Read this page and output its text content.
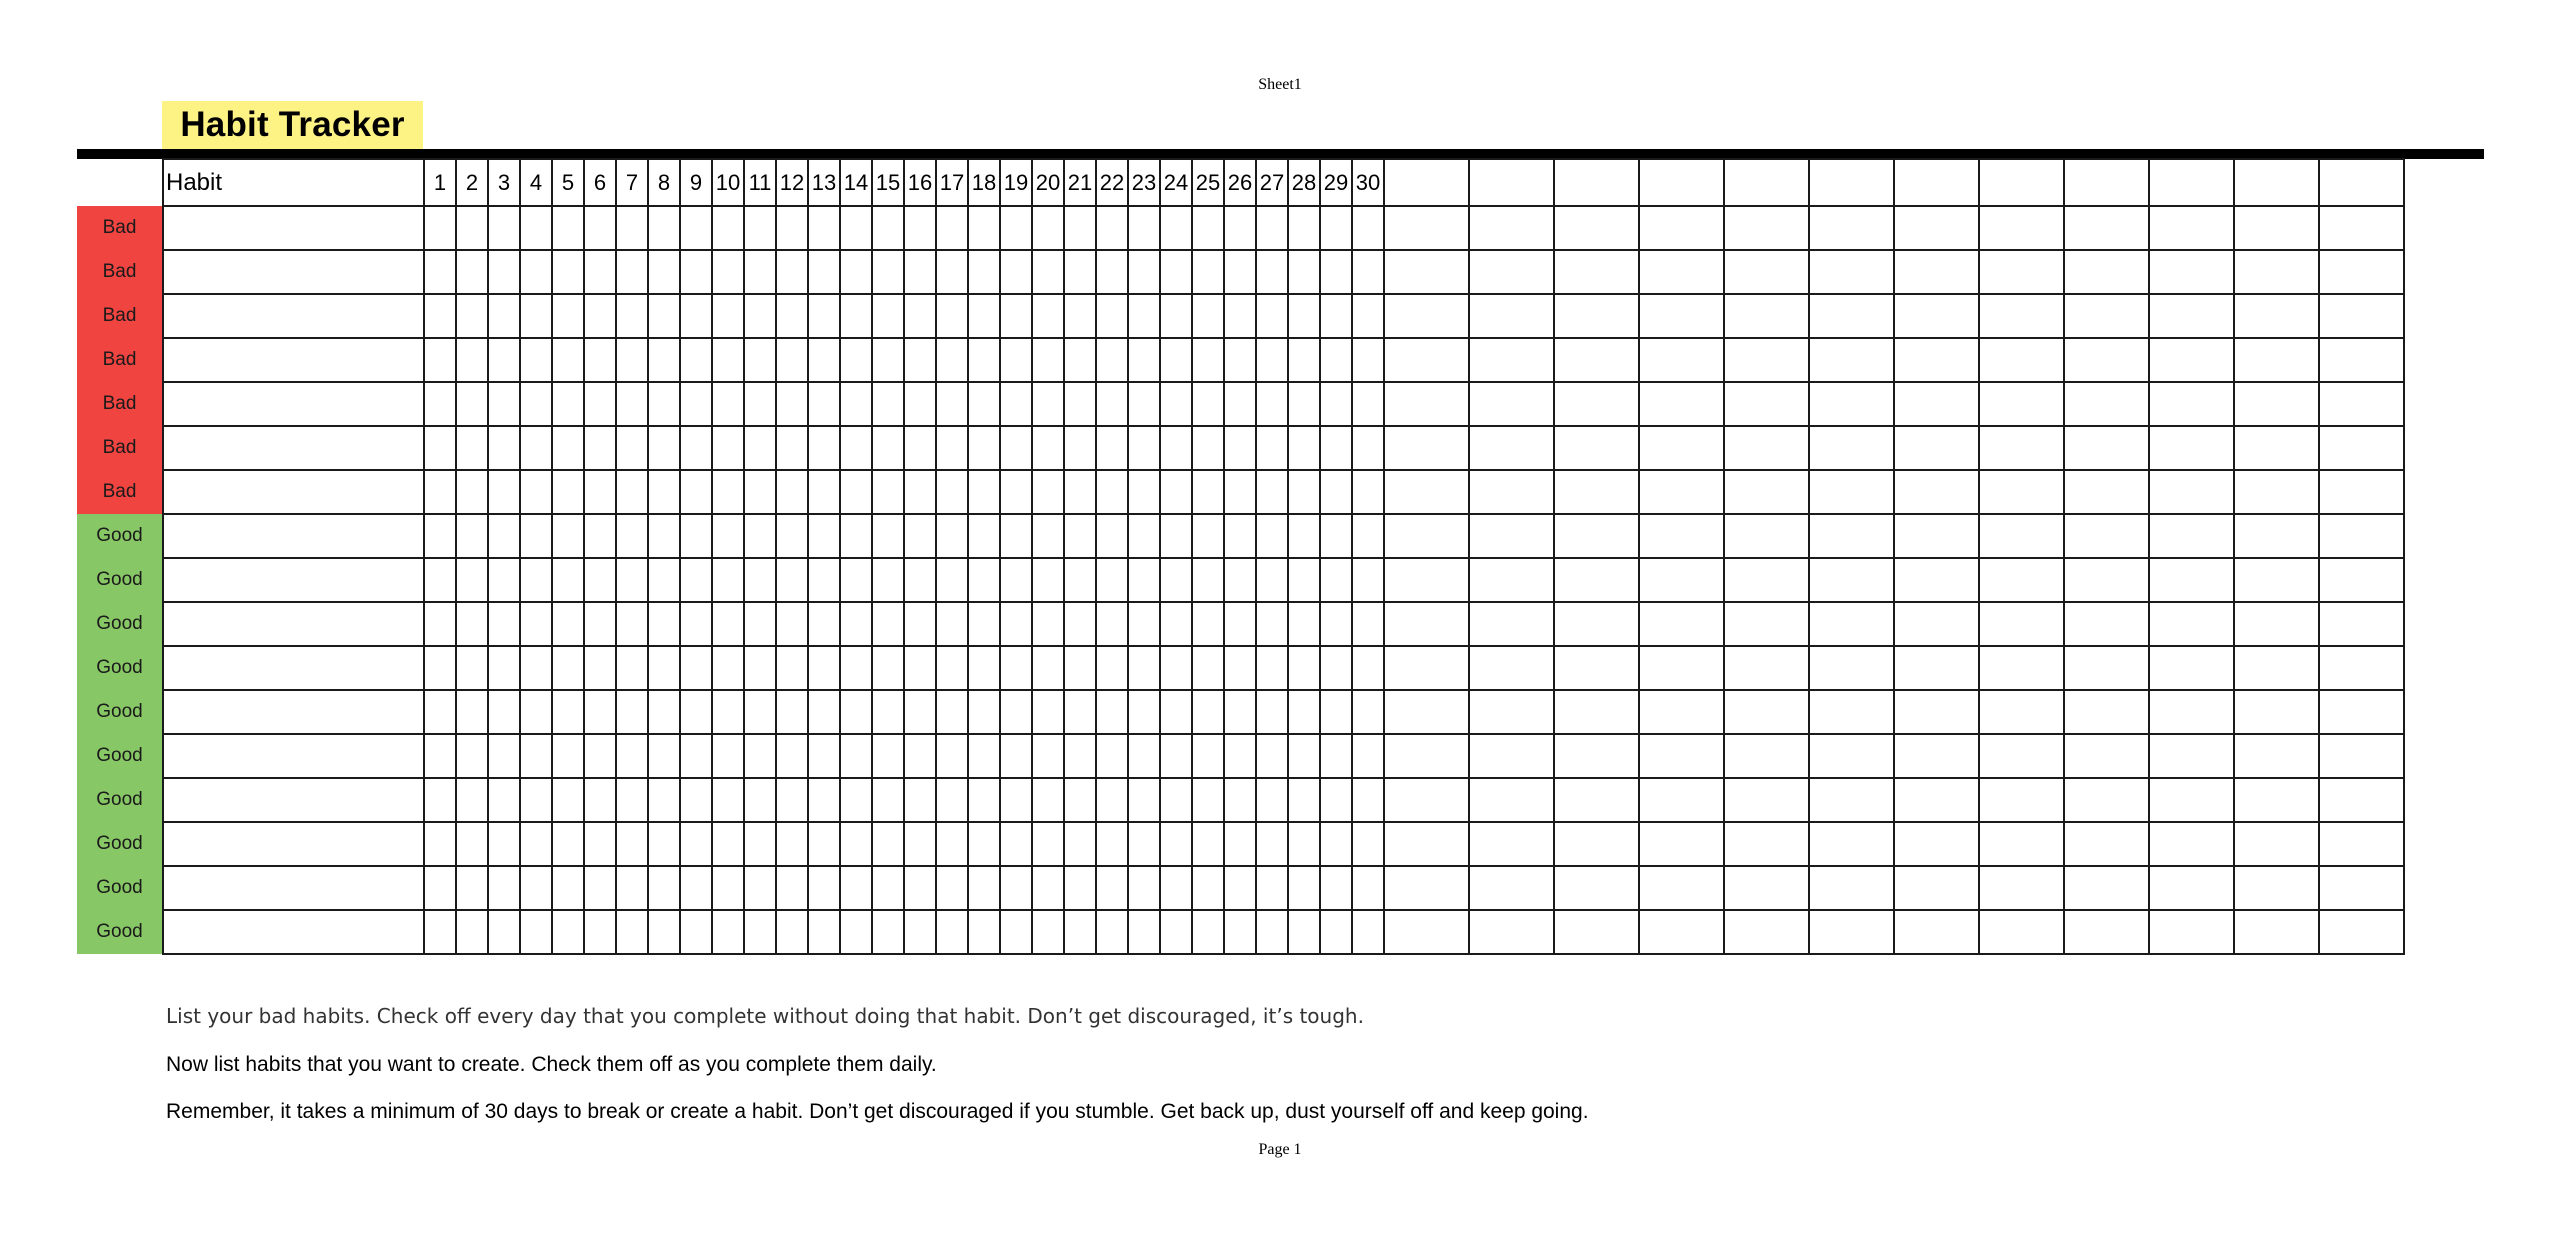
Sheet1
Habit Tracker
	Habit	1	2	3	4	5	6	7	8	9	10	11	12	13	14	15	16	17	18	19	20	21	22	23	24	25	26	27	28	29	30												
Bad																																											
Bad																																											
Bad																																											
Bad																																											
Bad																																											
Bad																																											
Bad																																											
Good																																											
Good																																											
Good																																											
Good																																											
Good																																											
Good																																											
Good																																											
Good																																											
Good																																											
Good																																											
List your bad habits. Check off every day that you complete without doing that habit. Don’t get discouraged, it’s tough.
Now list habits that you want to create. Check them off as you complete them daily.
Remember, it takes a minimum of 30 days to break or create a habit. Don’t get discouraged if you stumble. Get back up, dust yourself off and keep going.
Page 1
